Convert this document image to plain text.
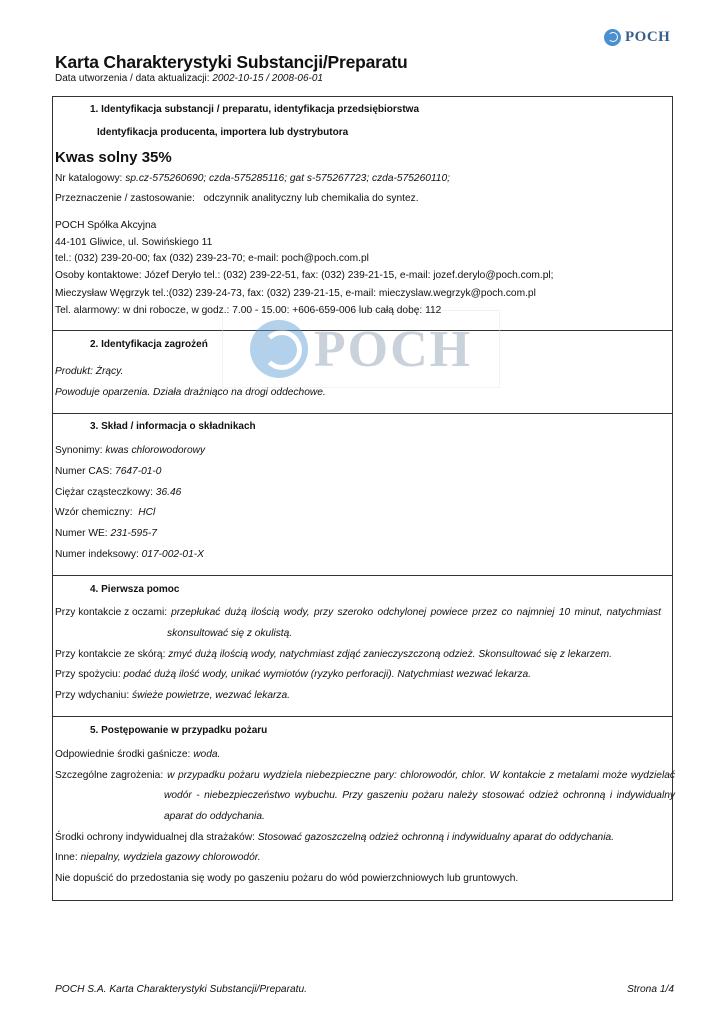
POCH
Karta Charakterystyki Substancji/Preparatu
Data utworzenia / data aktualizacji: 2002-10-15 / 2008-06-01
POCH
1. Identyfikacja substancji / preparatu, identyfikacja przedsiębiorstwa
Identyfikacja producenta, importera lub dystrybutora
Kwas solny 35%
Nr katalogowy: sp.cz-575260690; czda-575285116; gat s-575267723; czda-575260110;
Przeznaczenie / zastosowanie: odczynnik analityczny lub chemikalia do syntez.
POCH Spółka Akcyjna
44-101 Gliwice, ul. Sowińskiego 11
tel.: (032) 239-20-00; fax (032) 239-23-70; e-mail: poch@poch.com.pl
Osoby kontaktowe: Józef Deryło tel.: (032) 239-22-51, fax: (032) 239-21-15, e-mail: jozef.derylo@poch.com.pl;
Mieczysław Węgrzyk tel.:(032) 239-24-73, fax: (032) 239-21-15, e-mail: mieczyslaw.wegrzyk@poch.com.pl
Tel. alarmowy: w dni robocze, w godz.: 7.00 - 15.00: +606-659-006 lub całą dobę: 112
2. Identyfikacja zagrożeń
Produkt: Żrący.
Powoduje oparzenia. Działa drażniąco na drogi oddechowe.
3. Skład / informacja o składnikach
Synonimy: kwas chlorowodorowy
Numer CAS: 7647-01-0
Ciężar cząsteczkowy: 36.46
Wzór chemiczny: HCl
Numer WE: 231-595-7
Numer indeksowy: 017-002-01-X
4. Pierwsza pomoc
Przy kontakcie z oczami: przepłukać dużą ilością wody, przy szeroko odchylonej powiece przez co najmniej 10 minut, natychmiast
skonsultować się z okulistą.
Przy kontakcie ze skórą: zmyć dużą ilością wody, natychmiast zdjąć zanieczyszczoną odzież. Skonsultować się z lekarzem.
Przy spożyciu: podać dużą ilość wody, unikać wymiotów (ryzyko perforacji). Natychmiast wezwać lekarza.
Przy wdychaniu: świeże powietrze, wezwać lekarza.
5. Postępowanie w przypadku pożaru
Odpowiednie środki gaśnicze: woda.
Szczególne zagrożenia: w przypadku pożaru wydziela niebezpieczne pary: chlorowodór, chlor. W kontakcie z metalami może wydzielać
wodór - niebezpieczeństwo wybuchu. Przy gaszeniu pożaru należy stosować odzież ochronną i indywidualny
aparat do oddychania.
Środki ochrony indywidualnej dla strażaków: Stosować gazoszczelną odzież ochronną i indywidualny aparat do oddychania.
Inne: niepalny, wydziela gazowy chlorowodór.
Nie dopuścić do przedostania się wody po gaszeniu pożaru do wód powierzchniowych lub gruntowych.
POCH S.A. Karta Charakterystyki Substancji/Preparatu.	Strona 1/4
